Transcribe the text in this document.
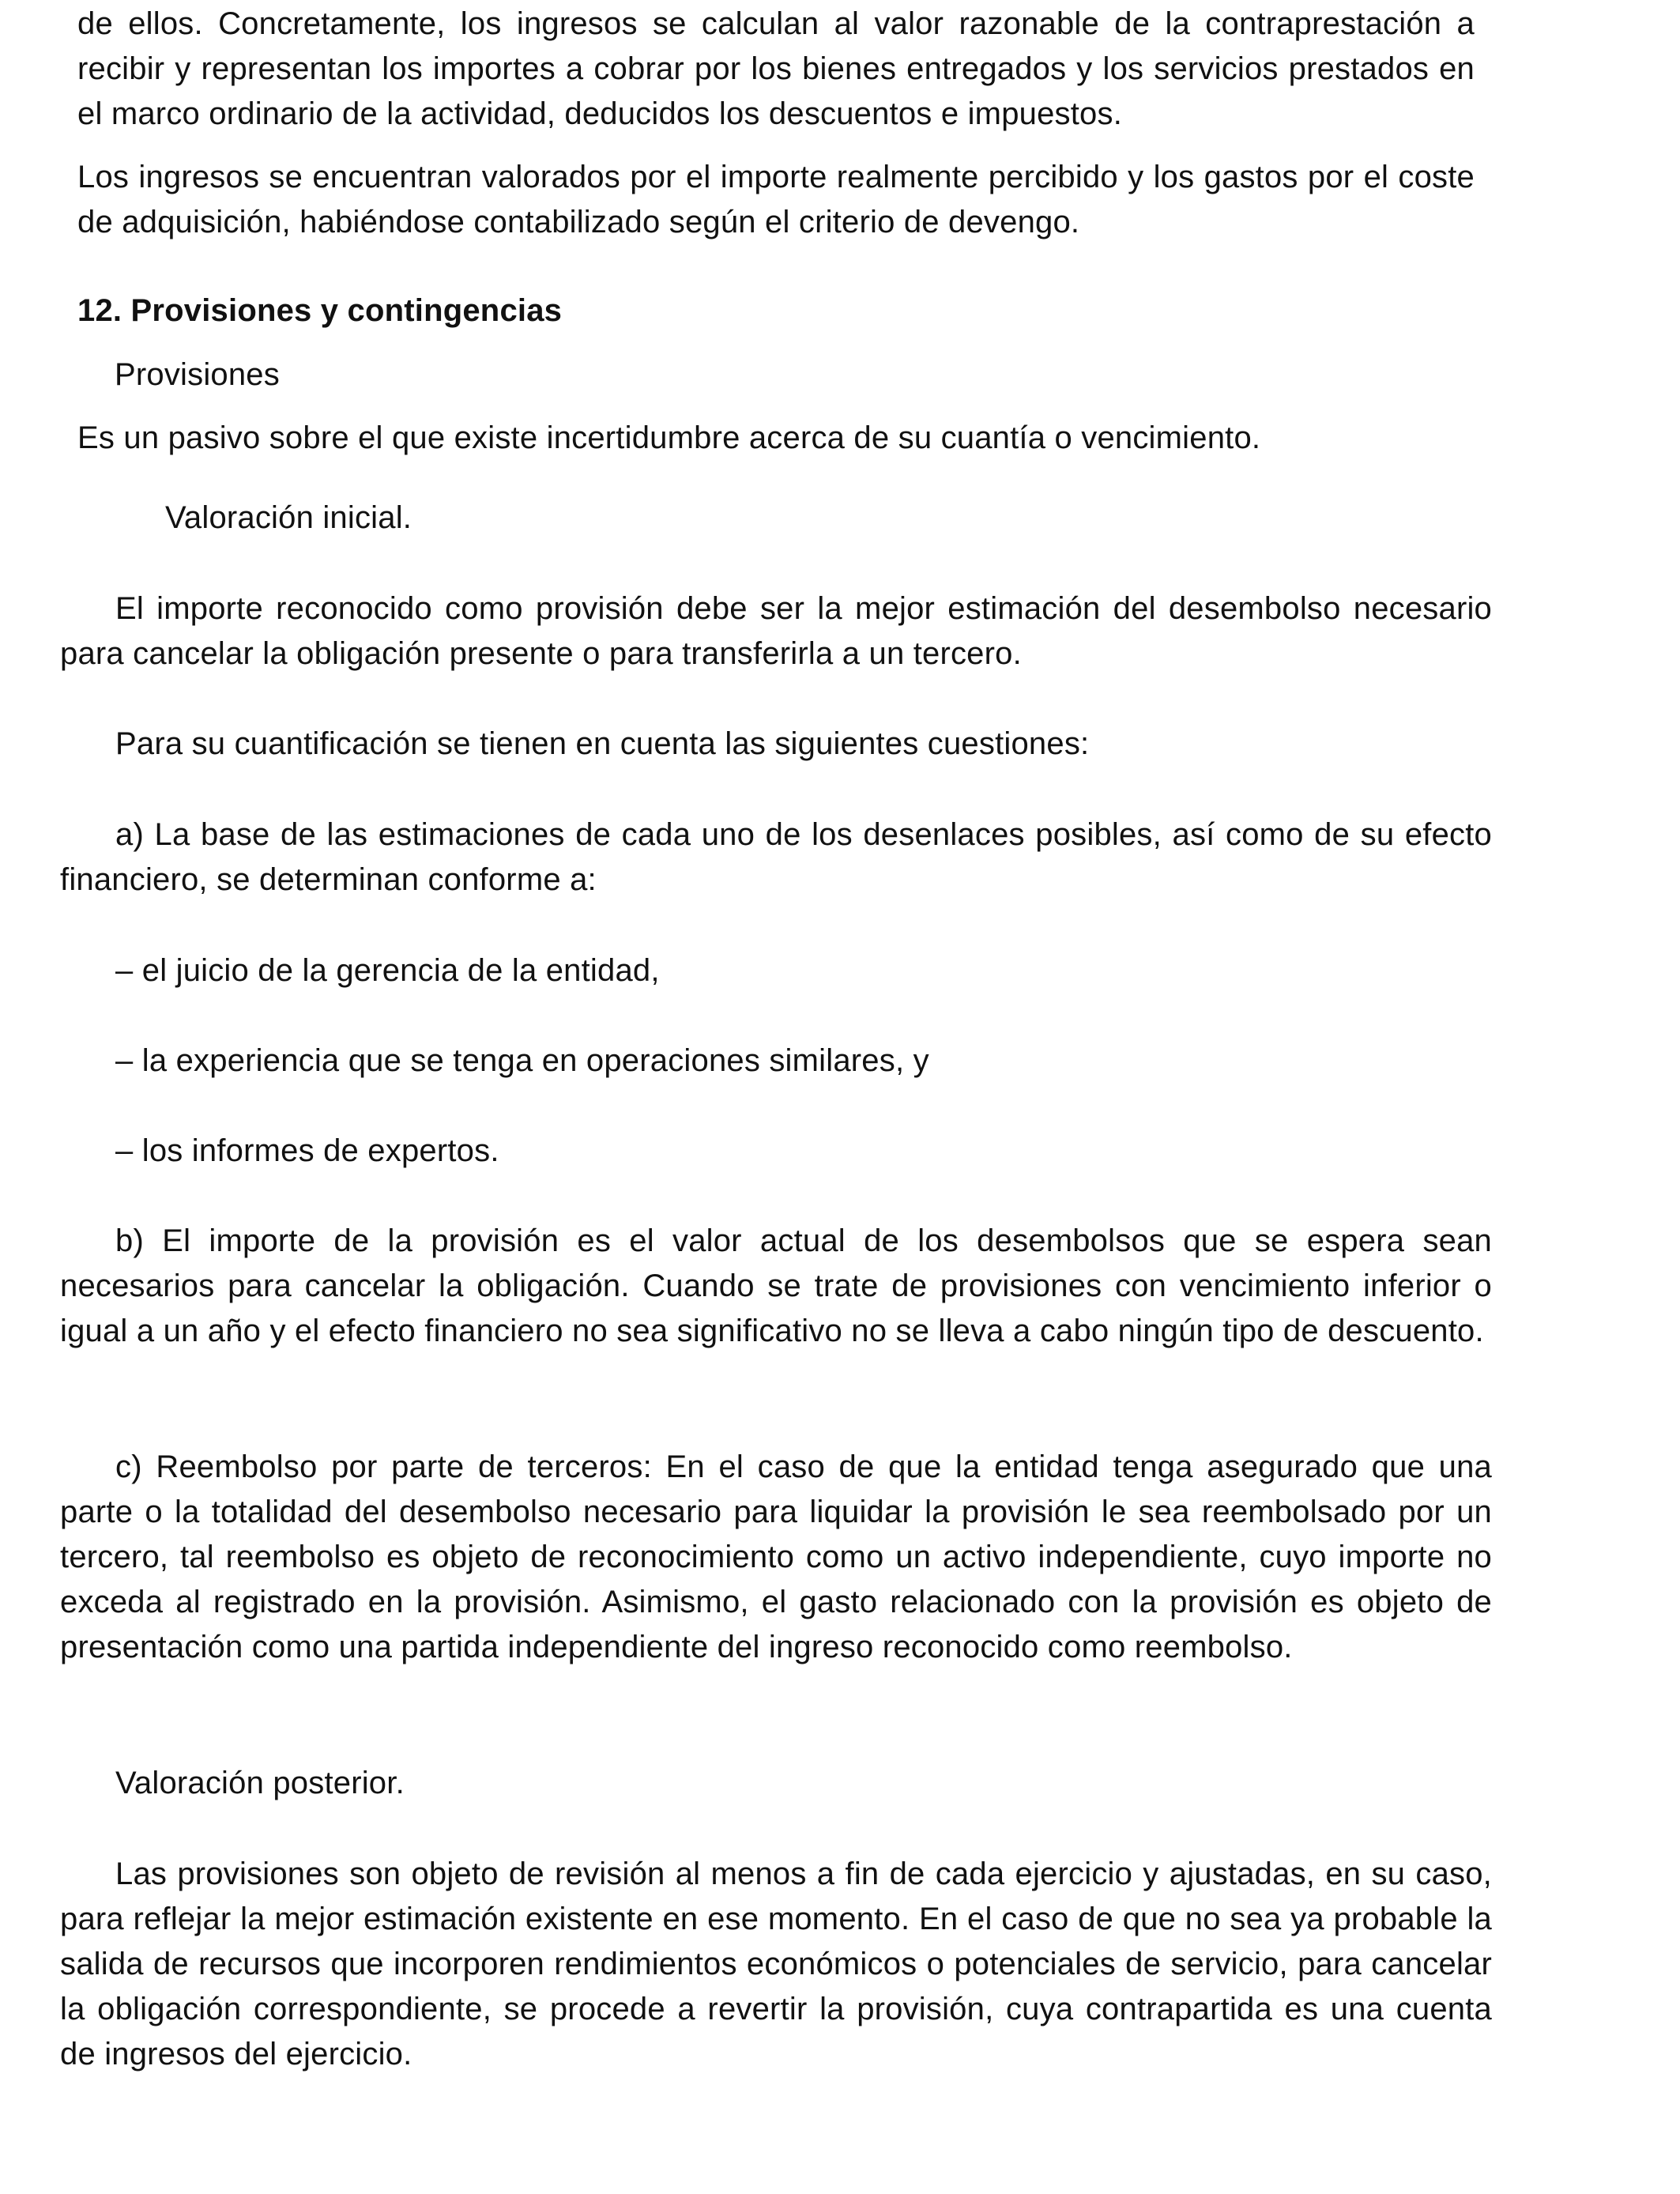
de ellos. Concretamente, los ingresos se calculan al valor razonable de la contraprestación a recibir y representan los importes a cobrar por los bienes entregados y los servicios prestados en el marco ordinario de la actividad, deducidos los descuentos e impuestos.

Los ingresos se encuentran valorados por el importe realmente percibido y los gastos por el coste de adquisición, habiéndose contabilizado según el criterio de devengo.

12. Provisiones y contingencias

Provisiones

Es un pasivo sobre el que existe incertidumbre acerca de su cuantía o vencimiento.

Valoración inicial.

El importe reconocido como provisión debe ser la mejor estimación del desembolso necesario para cancelar la obligación presente o para transferirla a un tercero.

Para su cuantificación se tienen en cuenta las siguientes cuestiones:

a) La base de las estimaciones de cada uno de los desenlaces posibles, así como de su efecto financiero, se determinan conforme a:

– el juicio de la gerencia de la entidad,

– la experiencia que se tenga en operaciones similares, y

– los informes de expertos.

b) El importe de la provisión es el valor actual de los desembolsos que se espera sean necesarios para cancelar la obligación. Cuando se trate de provisiones con vencimiento inferior o igual a un año y el efecto financiero no sea significativo no se lleva a cabo ningún tipo de descuento.

c) Reembolso por parte de terceros: En el caso de que la entidad tenga asegurado que una parte o la totalidad del desembolso necesario para liquidar la provisión le sea reembolsado por un tercero, tal reembolso es objeto de reconocimiento como un activo independiente, cuyo importe no exceda al registrado en la provisión. Asimismo, el gasto relacionado con la provisión es objeto de presentación como una partida independiente del ingreso reconocido como reembolso.

Valoración posterior.

Las provisiones son objeto de revisión al menos a fin de cada ejercicio y ajustadas, en su caso, para reflejar la mejor estimación existente en ese momento. En el caso de que no sea ya probable la salida de recursos que incorporen rendimientos económicos o potenciales de servicio, para cancelar la obligación correspondiente, se procede a revertir la provisión, cuya contrapartida es una cuenta de ingresos del ejercicio.
